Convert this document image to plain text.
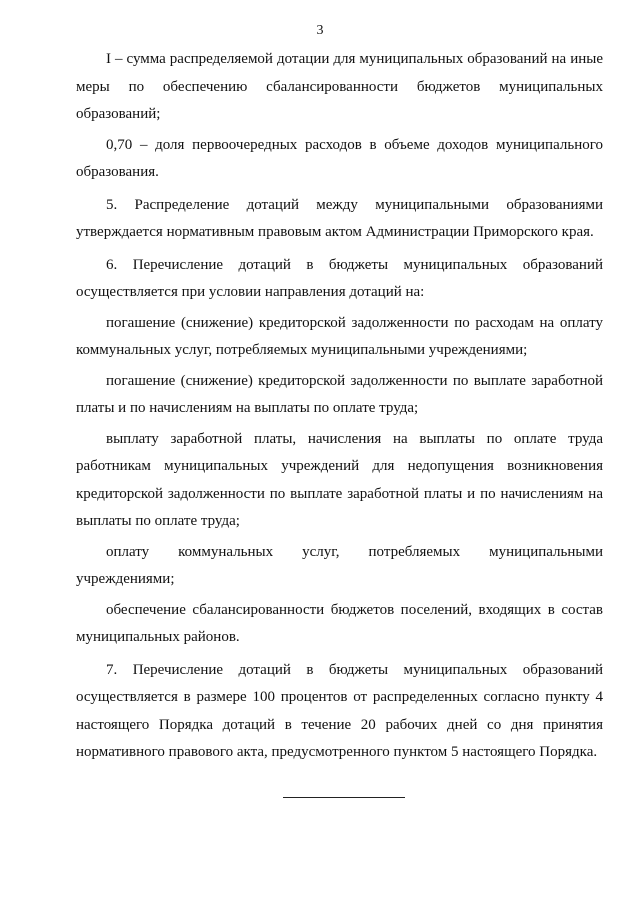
3

I – сумма распределяемой дотации для муниципальных образований на иные меры по обеспечению сбалансированности бюджетов муниципальных образований;

0,70 – доля первоочередных расходов в объеме доходов муниципального образования.

5. Распределение дотаций между муниципальными образованиями утверждается нормативным правовым актом Администрации Приморского края.

6. Перечисление дотаций в бюджеты муниципальных образований осуществляется при условии направления дотаций на:

погашение (снижение) кредиторской задолженности по расходам на оплату коммунальных услуг, потребляемых муниципальными учреждениями;

погашение (снижение) кредиторской задолженности по выплате заработной платы и по начислениям на выплаты по оплате труда;

выплату заработной платы, начисления на выплаты по оплате труда работникам муниципальных учреждений для недопущения возникновения кредиторской задолженности по выплате заработной платы и по начислениям на выплаты по оплате труда;

оплату коммунальных услуг, потребляемых муниципальными учреждениями;

обеспечение сбалансированности бюджетов поселений, входящих в состав муниципальных районов.

7. Перечисление дотаций в бюджеты муниципальных образований осуществляется в размере 100 процентов от распределенных согласно пункту 4 настоящего Порядка дотаций в течение 20 рабочих дней со дня принятия нормативного правового акта, предусмотренного пунктом 5 настоящего Порядка.
